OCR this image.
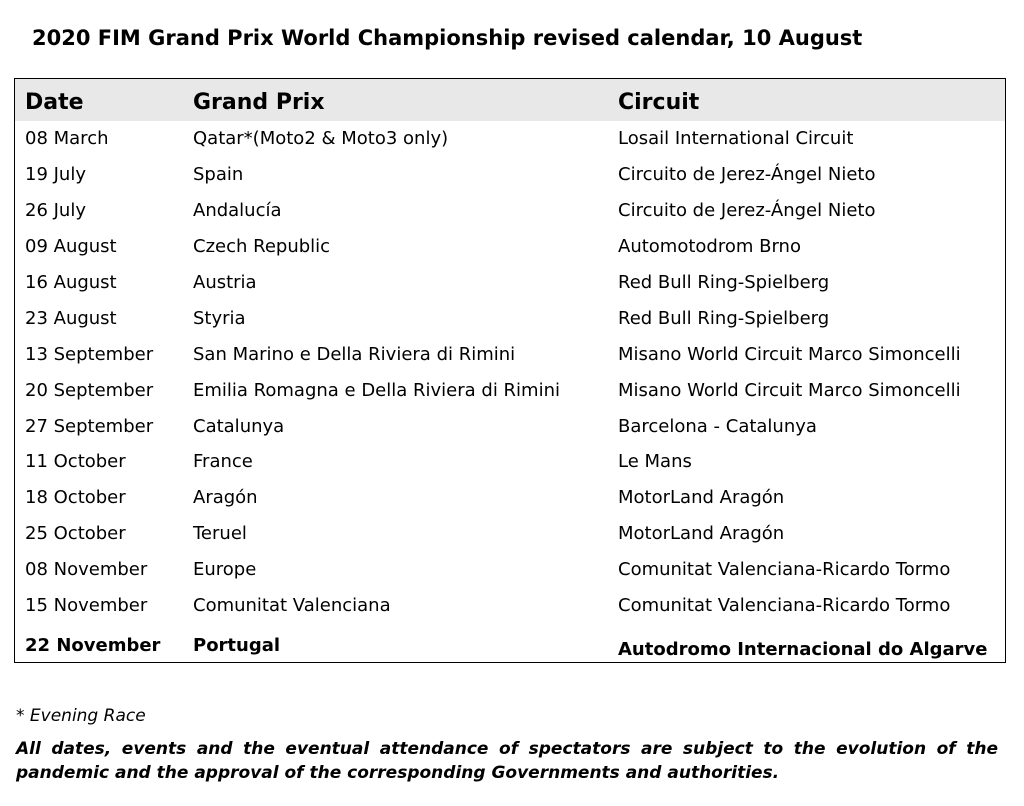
2020 FIM Grand Prix World Championship revised calendar, 10 August
Date	Grand Prix	Circuit
08 March	Qatar*(Moto2 & Moto3 only)	Losail International Circuit
19 July	Spain	Circuito de Jerez-Ángel Nieto
26 July	Andalucía	Circuito de Jerez-Ángel Nieto
09 August	Czech Republic	Automotodrom Brno
16 August	Austria	Red Bull Ring-Spielberg
23 August	Styria	Red Bull Ring-Spielberg
13 September	San Marino e Della Riviera di Rimini	Misano World Circuit Marco Simoncelli
20 September	Emilia Romagna e Della Riviera di Rimini	Misano World Circuit Marco Simoncelli
27 September	Catalunya	Barcelona - Catalunya
11 October	France	Le Mans
18 October	Aragón	MotorLand Aragón
25 October	Teruel	MotorLand Aragón
08 November	Europe	Comunitat Valenciana-Ricardo Tormo
15 November	Comunitat Valenciana	Comunitat Valenciana-Ricardo Tormo
22 November	Portugal	Autodromo Internacional do Algarve
* Evening Race
All dates, events and the eventual attendance of spectators are subject to the evolution of the pandemic and the approval of the corresponding Governments and authorities.
